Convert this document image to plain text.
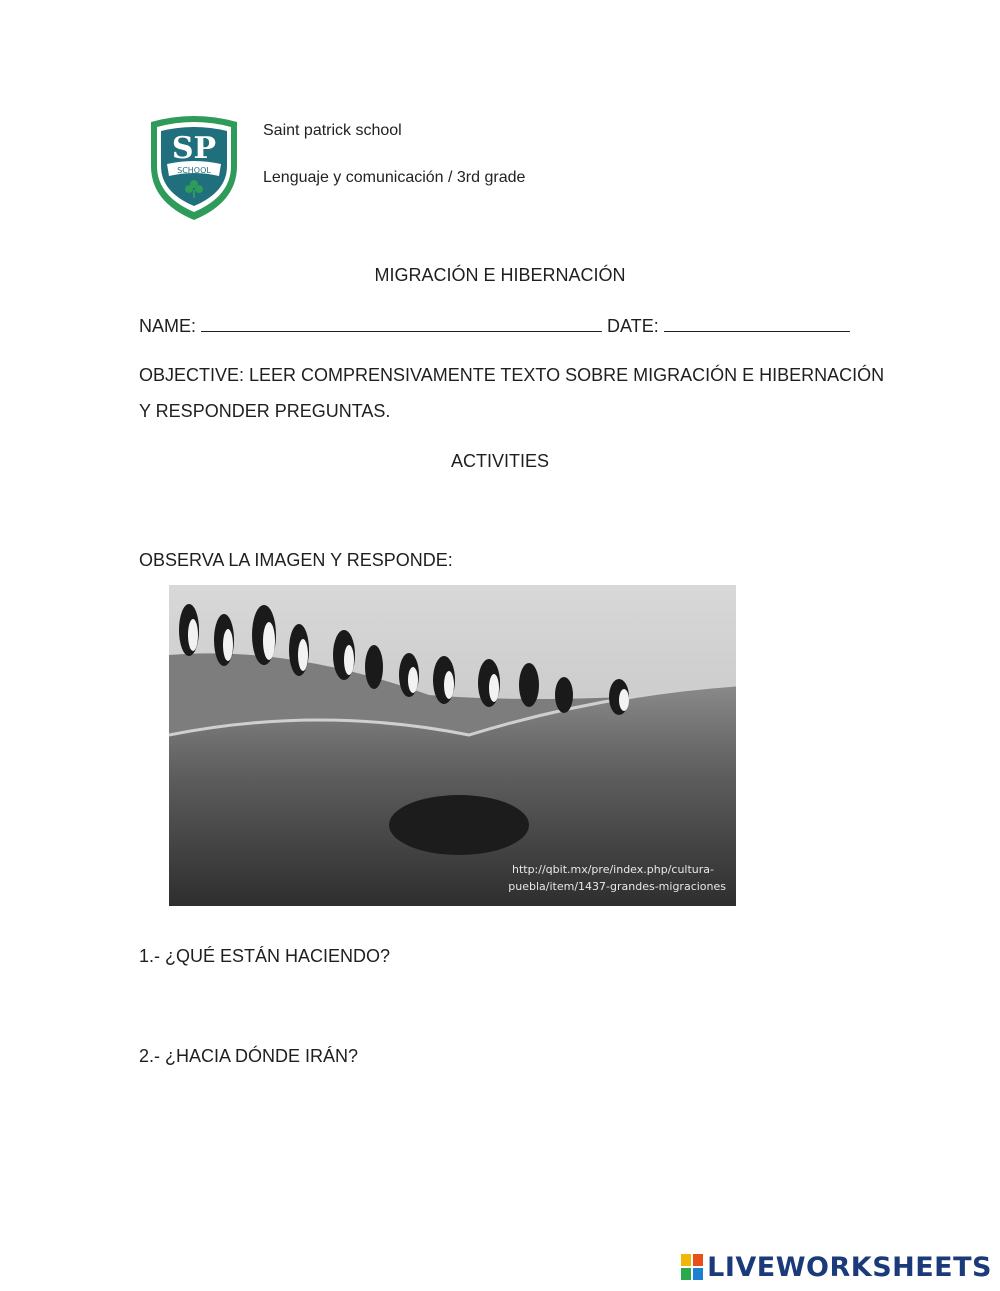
SP
SCHOOL
Saint patrick school
Lenguaje y comunicación / 3rd grade
MIGRACIÓN E HIBERNACIÓN
NAME:	DATE:
OBJECTIVE: LEER COMPRENSIVAMENTE TEXTO SOBRE MIGRACIÓN E HIBERNACIÓN
Y RESPONDER PREGUNTAS.
ACTIVITIES
OBSERVA LA IMAGEN Y RESPONDE:
http://qbit.mx/pre/index.php/cultura-
puebla/item/1437-grandes-migraciones
1.- ¿QUÉ ESTÁN HACIENDO?
2.- ¿HACIA DÓNDE IRÁN?
LIVEWORKSHEETS
